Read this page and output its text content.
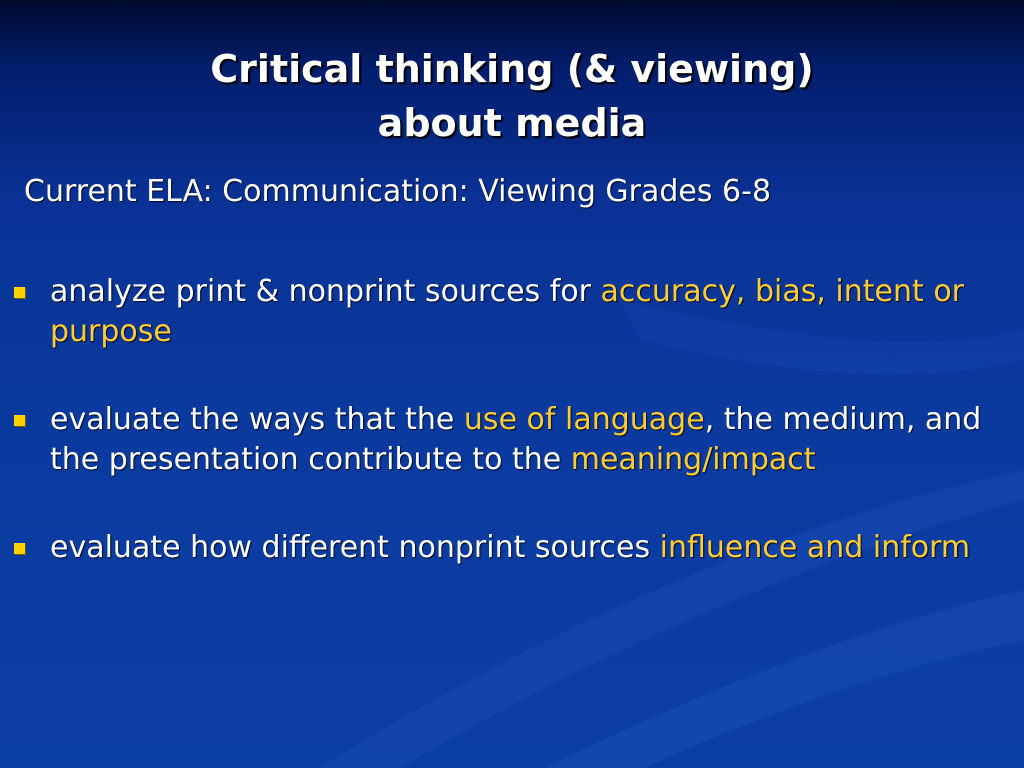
Critical thinking (& viewing)
about media
Current ELA: Communication: Viewing Grades 6-8
analyze print & nonprint sources for accuracy, bias, intent or purpose
evaluate the ways that the use of language, the medium, and the presentation contribute to the meaning/impact
evaluate how different nonprint sources influence and inform
